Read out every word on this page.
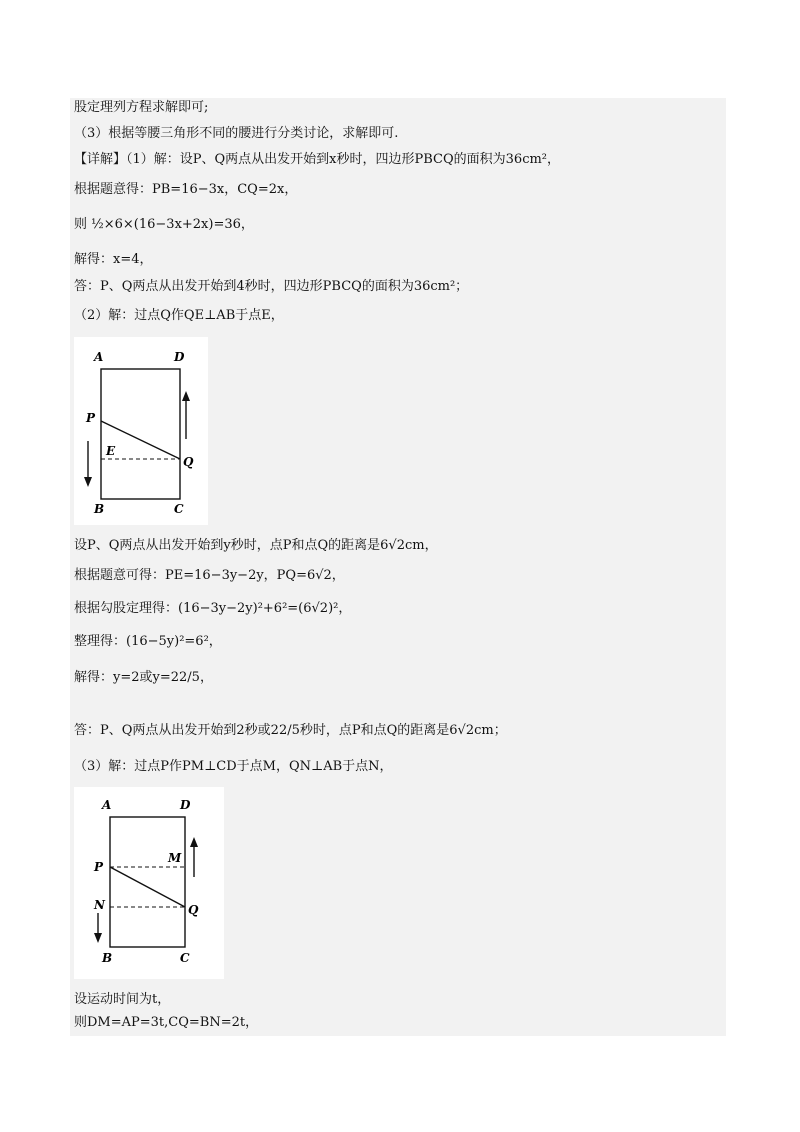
股定理列方程求解即可;
（3）根据等腰三角形不同的腰进行分类讨论，求解即可.
【详解】（1）解：设P、Q两点从出发开始到x秒时，四边形PBCQ的面积为36cm²，
根据题意得：PB=16−3x，CQ=2x，
则 ½×6×(16−3x+2x)=36，
解得：x=4，
答：P、Q两点从出发开始到4秒时，四边形PBCQ的面积为36cm²；
（2）解：过点Q作QE⊥AB于点E，
A	D
P
E
Q
B	C
设P、Q两点从出发开始到y秒时，点P和点Q的距离是6√2cm，
根据题意可得：PE=16−3y−2y，PQ=6√2，
根据勾股定理得：(16−3y−2y)²+6²=(6√2)²，
整理得：(16−5y)²=6²，
解得：y=2或y=22/5，
答：P、Q两点从出发开始到2秒或22/5秒时，点P和点Q的距离是6√2cm；
（3）解：过点P作PM⊥CD于点M，QN⊥AB于点N，
A	D
P
M
N	Q
B	C
设运动时间为t，
则DM=AP=3t,CQ=BN=2t，
